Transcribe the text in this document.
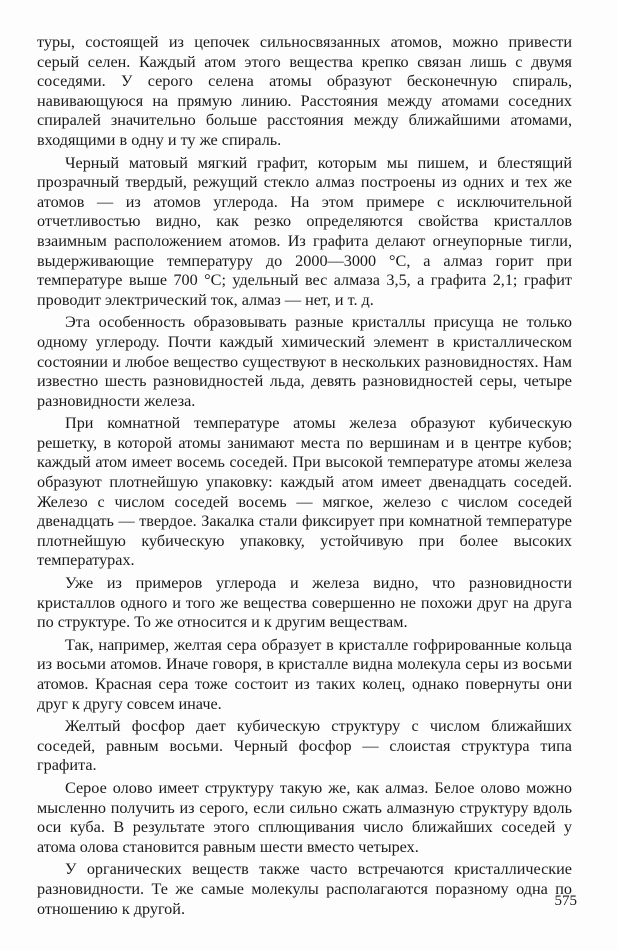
туры, состоящей из цепочек сильносвязанных атомов, можно привести серый селен. Каждый атом этого вещества крепко связан лишь с двумя соседями. У серого селена атомы образуют бесконечную спираль, навивающуюся на прямую линию. Расстояния между атомами соседних спиралей значительно больше расстояния между ближайшими атомами, входящими в одну и ту же спираль.

Черный матовый мягкий графит, которым мы пишем, и блестящий прозрачный твердый, режущий стекло алмаз построены из одних и тех же атомов — из атомов углерода. На этом примере с исключительной отчетливостью видно, как резко определяются свойства кристаллов взаимным расположением атомов. Из графита делают огнеупорные тигли, выдерживающие температуру до 2000—3000 °C, а алмаз горит при температуре выше 700 °C; удельный вес алмаза 3,5, а графита 2,1; графит проводит электрический ток, алмаз — нет, и т. д.

Эта особенность образовывать разные кристаллы присуща не только одному углероду. Почти каждый химический элемент в кристаллическом состоянии и любое вещество существуют в нескольких разновидностях. Нам известно шесть разновидностей льда, девять разновидностей серы, четыре разновидности железа.

При комнатной температуре атомы железа образуют кубическую решетку, в которой атомы занимают места по вершинам и в центре кубов; каждый атом имеет восемь соседей. При высокой температуре атомы железа образуют плотнейшую упаковку: каждый атом имеет двенадцать соседей. Железо с числом соседей восемь — мягкое, железо с числом соседей двенадцать — твердое. Закалка стали фиксирует при комнатной температуре плотнейшую кубическую упаковку, устойчивую при более высоких температурах.

Уже из примеров углерода и железа видно, что разновидности кристаллов одного и того же вещества совершенно не похожи друг на друга по структуре. То же относится и к другим веществам.

Так, например, желтая сера образует в кристалле гофрированные кольца из восьми атомов. Иначе говоря, в кристалле видна молекула серы из восьми атомов. Красная сера тоже состоит из таких колец, однако повернуты они друг к другу совсем иначе.

Желтый фосфор дает кубическую структуру с числом ближайших соседей, равным восьми. Черный фосфор — слоистая структура типа графита.

Серое олово имеет структуру такую же, как алмаз. Белое олово можно мысленно получить из серого, если сильно сжать алмазную структуру вдоль оси куба. В результате этого сплющивания число ближайших соседей у атома олова становится равным шести вместо четырех.

У органических веществ также часто встречаются кристаллические разновидности. Те же самые молекулы располагаются поразному одна по отношению к другой.	575
